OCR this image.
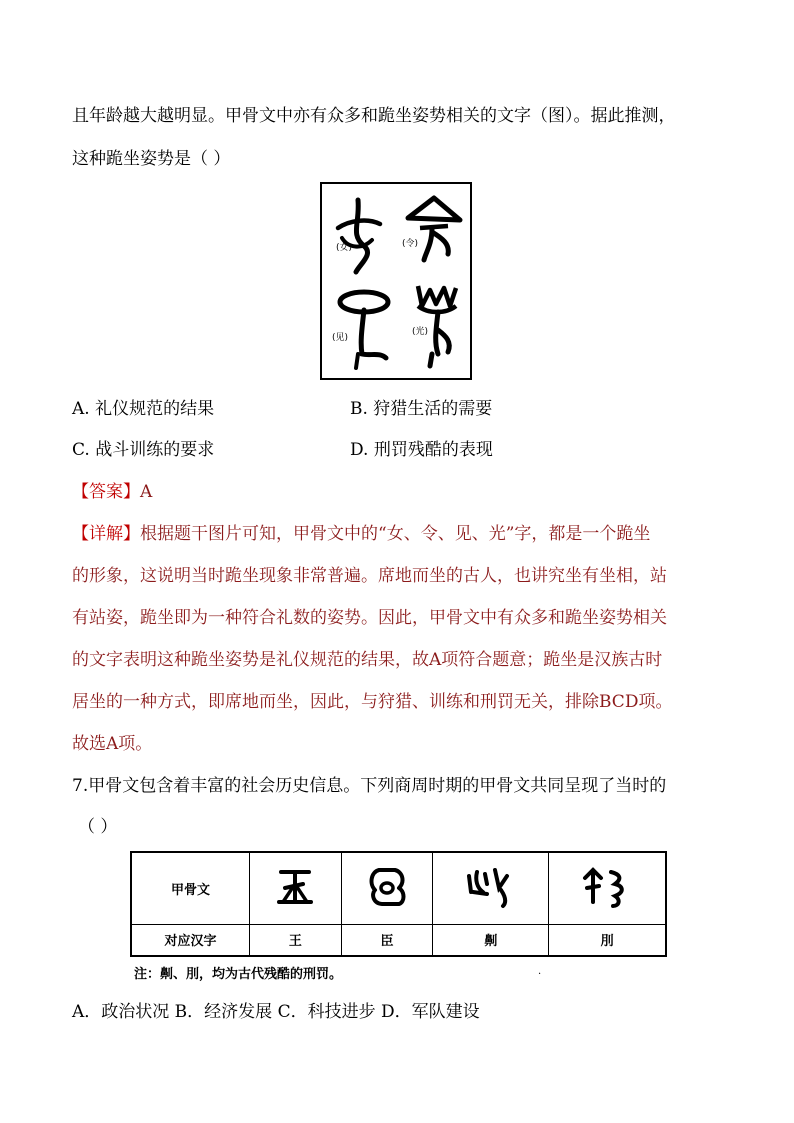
且年龄越大越明显。甲骨文中亦有众多和跪坐姿势相关的文字（图）。据此推测，
这种跪坐姿势是（ ）
(女)	(令)
(见)
(光)
A. 礼仪规范的结果	B. 狩猎生活的需要
C. 战斗训练的要求	D. 刑罚残酷的表现
【答案】A
【详解】根据题干图片可知，甲骨文中的“女、令、见、光”字，都是一个跪坐
的形象，这说明当时跪坐现象非常普遍。席地而坐的古人，也讲究坐有坐相，站
有站姿，跪坐即为一种符合礼数的姿势。因此，甲骨文中有众多和跪坐姿势相关
的文字表明这种跪坐姿势是礼仪规范的结果，故A项符合题意；跪坐是汉族古时
居坐的一种方式，即席地而坐，因此，与狩猎、训练和刑罚无关，排除BCD项。
故选A项。
7.甲骨文包含着丰富的社会历史信息。下列商周时期的甲骨文共同呈现了当时的
（ ）
甲骨文				
对应汉字	王	臣	劓	刖
注：劓、刖，均为古代残酷的刑罚。	.
A．政治状况 B．经济发展 C．科技进步 D．军队建设
